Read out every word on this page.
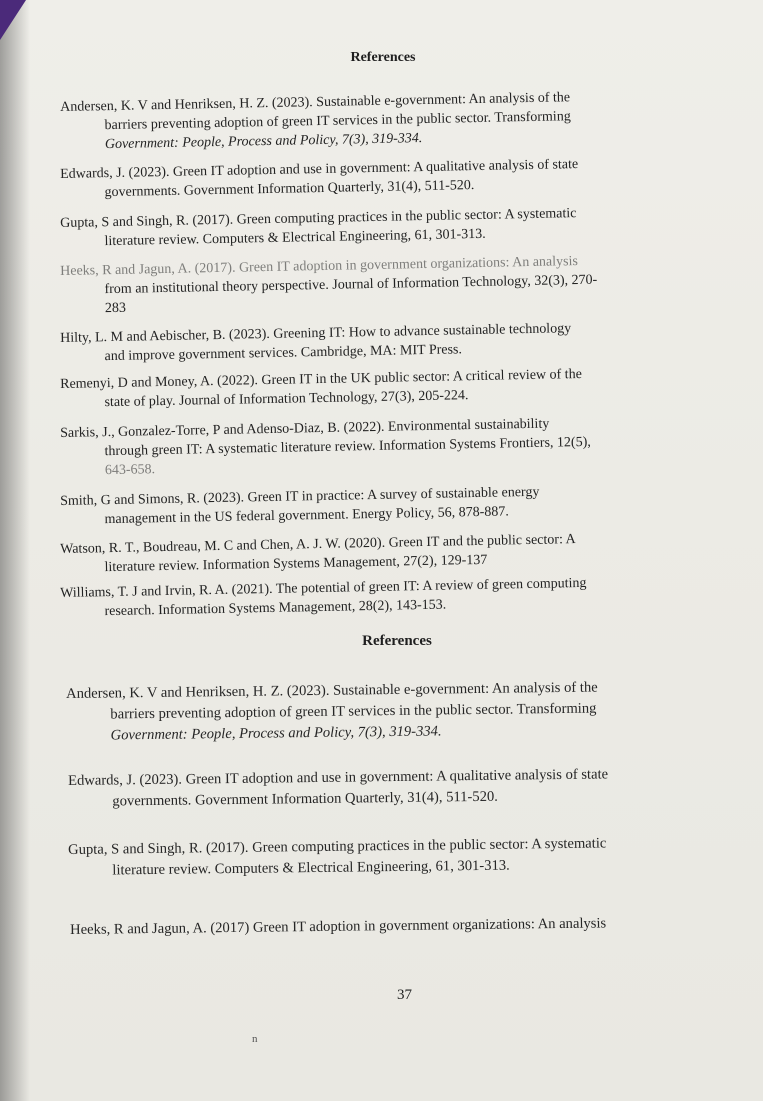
References
Andersen, K. V and Henriksen, H. Z. (2023). Sustainable e-government: An analysis of the
barriers preventing adoption of green IT services in the public sector. Transforming
Government: People, Process and Policy, 7(3), 319-334.
Edwards, J. (2023). Green IT adoption and use in government: A qualitative analysis of state
governments. Government Information Quarterly, 31(4), 511-520.
Gupta, S and Singh, R. (2017). Green computing practices in the public sector: A systematic
literature review. Computers & Electrical Engineering, 61, 301-313.
Heeks, R and Jagun, A. (2017). Green IT adoption in government organizations: An analysis
from an institutional theory perspective. Journal of Information Technology, 32(3), 270-
283
Hilty, L. M and Aebischer, B. (2023). Greening IT: How to advance sustainable technology
and improve government services. Cambridge, MA: MIT Press.
Remenyi, D and Money, A. (2022). Green IT in the UK public sector: A critical review of the
state of play. Journal of Information Technology, 27(3), 205-224.
Sarkis, J., Gonzalez-Torre, P and Adenso-Diaz, B. (2022). Environmental sustainability
through green IT: A systematic literature review. Information Systems Frontiers, 12(5),
643-658.
Smith, G and Simons, R. (2023). Green IT in practice: A survey of sustainable energy
management in the US federal government. Energy Policy, 56, 878-887.
Watson, R. T., Boudreau, M. C and Chen, A. J. W. (2020). Green IT and the public sector: A
literature review. Information Systems Management, 27(2), 129-137
Williams, T. J and Irvin, R. A. (2021). The potential of green IT: A review of green computing
research. Information Systems Management, 28(2), 143-153.
References
Andersen, K. V and Henriksen, H. Z. (2023). Sustainable e-government: An analysis of the
barriers preventing adoption of green IT services in the public sector. Transforming
Government: People, Process and Policy, 7(3), 319-334.
Edwards, J. (2023). Green IT adoption and use in government: A qualitative analysis of state
governments. Government Information Quarterly, 31(4), 511-520.
Gupta, S and Singh, R. (2017). Green computing practices in the public sector: A systematic
literature review. Computers & Electrical Engineering, 61, 301-313.
Heeks, R and Jagun, A. (2017) Green IT adoption in government organizations: An analysis
37
n
